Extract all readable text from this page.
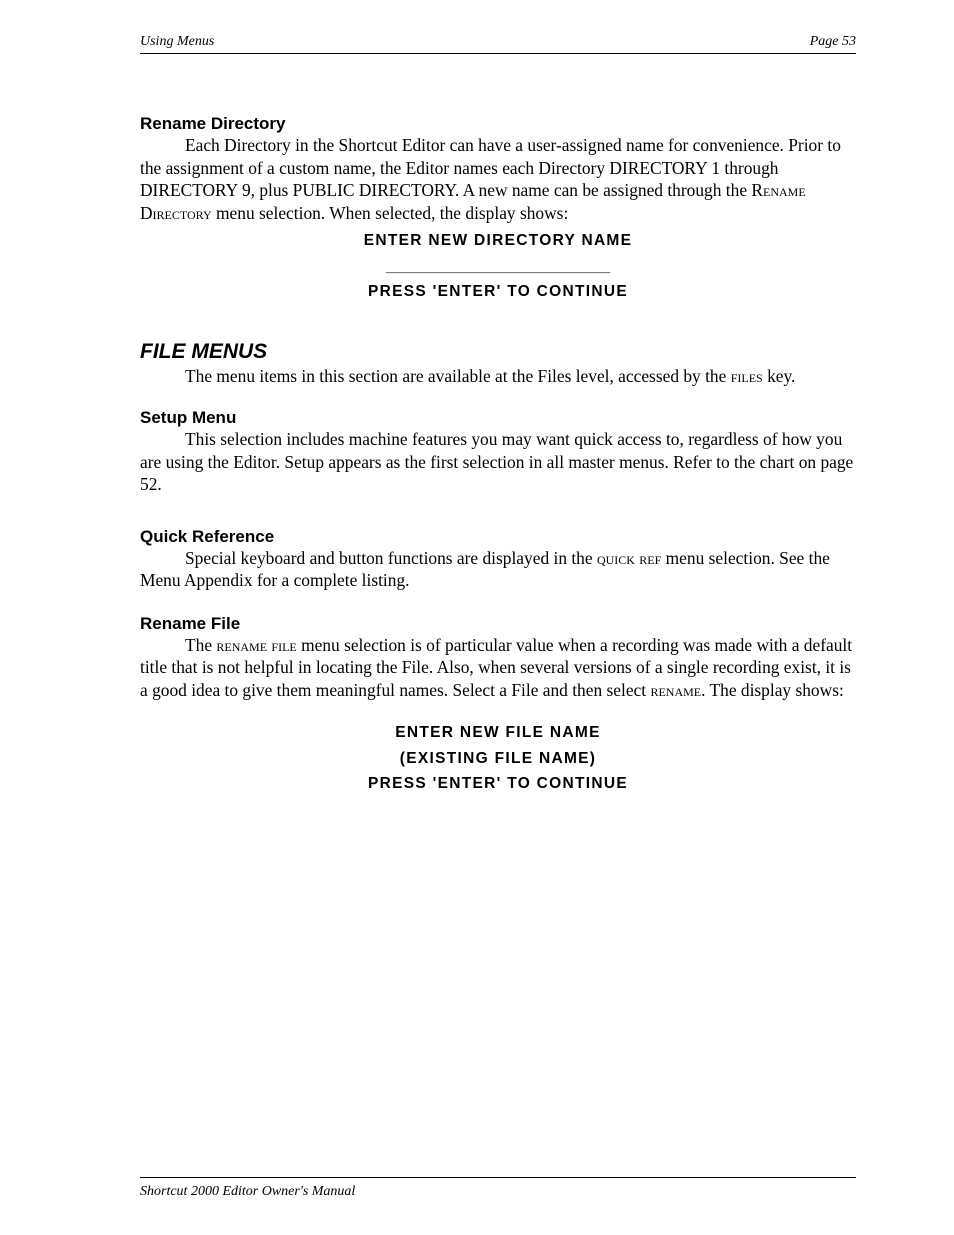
Using Menus	Page 53
Rename Directory

Each Directory in the Shortcut Editor can have a user-assigned name for convenience. Prior to the assignment of a custom name, the Editor names each Directory DIRECTORY 1 through DIRECTORY 9, plus PUBLIC DIRECTORY. A new name can be assigned through the Rename Directory menu selection. When selected, the display shows:

ENTER NEW DIRECTORY NAME
__________________________
PRESS 'ENTER' TO CONTINUE
FILE MENUS

The menu items in this section are available at the Files level, accessed by the files key.

Setup Menu

This selection includes machine features you may want quick access to, regardless of how you are using the Editor. Setup appears as the first selection in all master menus. Refer to the chart on page 52.

Quick Reference

Special keyboard and button functions are displayed in the quick ref menu selection. See the Menu Appendix for a complete listing.

Rename File

The rename file menu selection is of particular value when a recording was made with a default title that is not helpful in locating the File. Also, when several versions of a single recording exist, it is a good idea to give them meaningful names. Select a File and then select rename. The display shows:

ENTER NEW FILE NAME
(EXISTING FILE NAME)
PRESS 'ENTER' TO CONTINUE
Shortcut 2000 Editor Owner's Manual
